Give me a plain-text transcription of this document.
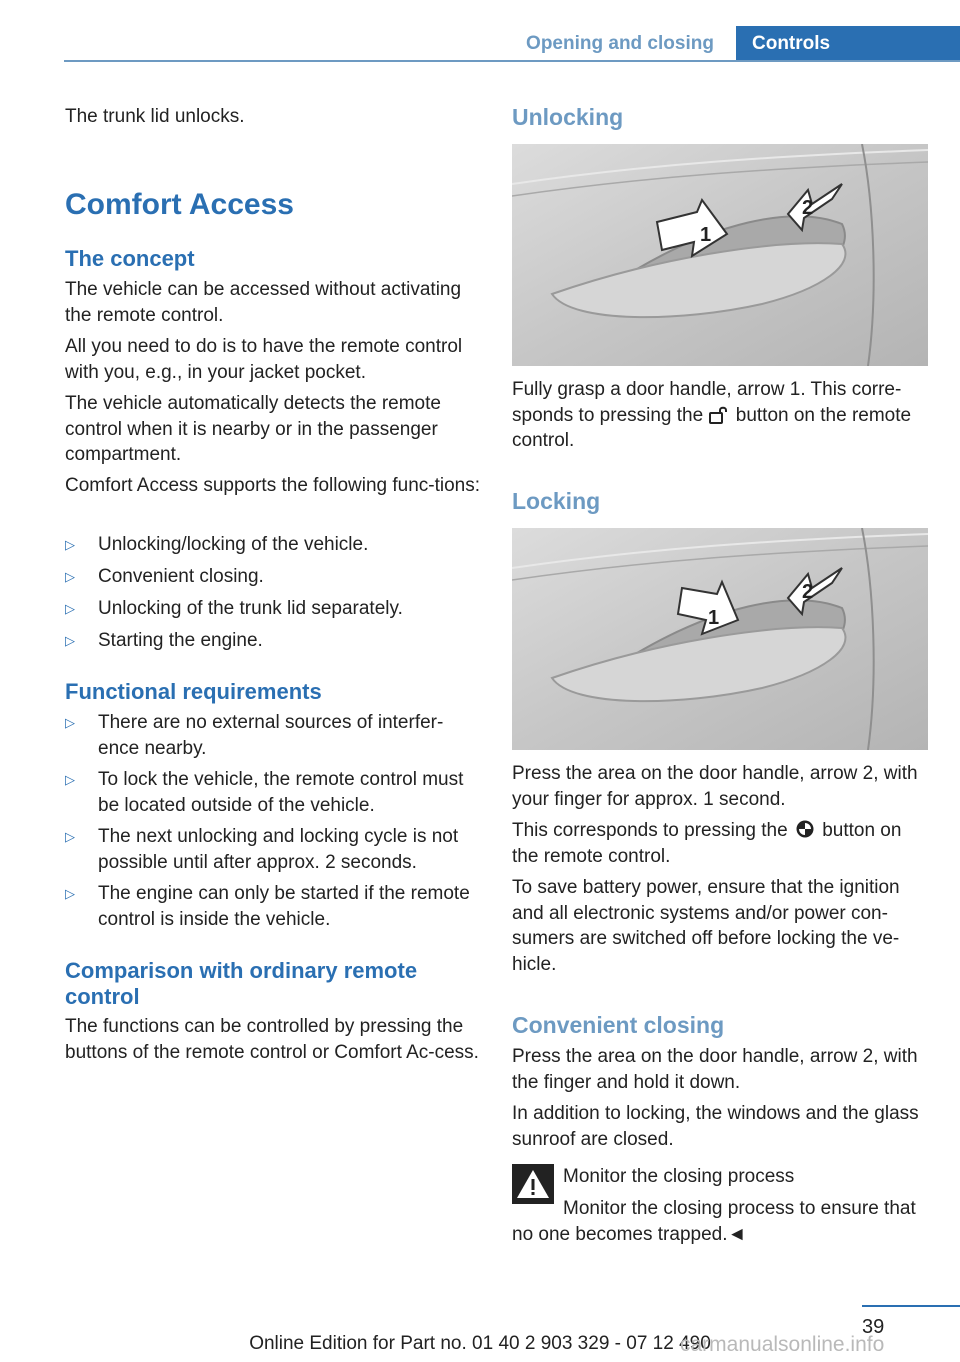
Opening and closing	Controls

The trunk lid unlocks.

Comfort Access
The concept

The vehicle can be accessed without activating the remote control.

All you need to do is to have the remote control with you, e.g., in your jacket pocket.

The vehicle automatically detects the remote control when it is nearby or in the passenger compartment.

Comfort Access supports the following func-tions:

▷	Unlocking/locking of the vehicle.
▷	Convenient closing.
▷	Unlocking of the trunk lid separately.
▷	Starting the engine.
Functional requirements
▷	There are no external sources of interfer-ence nearby.
▷	To lock the vehicle, the remote control must be located outside of the vehicle.
▷	The next unlocking and locking cycle is not possible until after approx. 2 seconds.
▷	The engine can only be started if the remote control is inside the vehicle.
Comparison with ordinary remote control

The functions can be controlled by pressing the buttons of the remote control or Comfort Ac-cess.

Unlocking
1
2

Fully grasp a door handle, arrow 1. This corre-sponds to pressing the button on the remote control.

Locking
1
2

Press the area on the door handle, arrow 2, with your finger for approx. 1 second.

This corresponds to pressing the button on the remote control.

To save battery power, ensure that the ignition and all electronic systems and/or power con-sumers are switched off before locking the ve-hicle.

Convenient closing

Press the area on the door handle, arrow 2, with the finger and hold it down.

In addition to locking, the windows and the glass sunroof are closed.

Monitor the closing process

Monitor the closing process to ensure that no one becomes trapped.◄

39
Online Edition for Part no. 01 40 2 903 329 - 07 12 490
carmanualsonline.info
